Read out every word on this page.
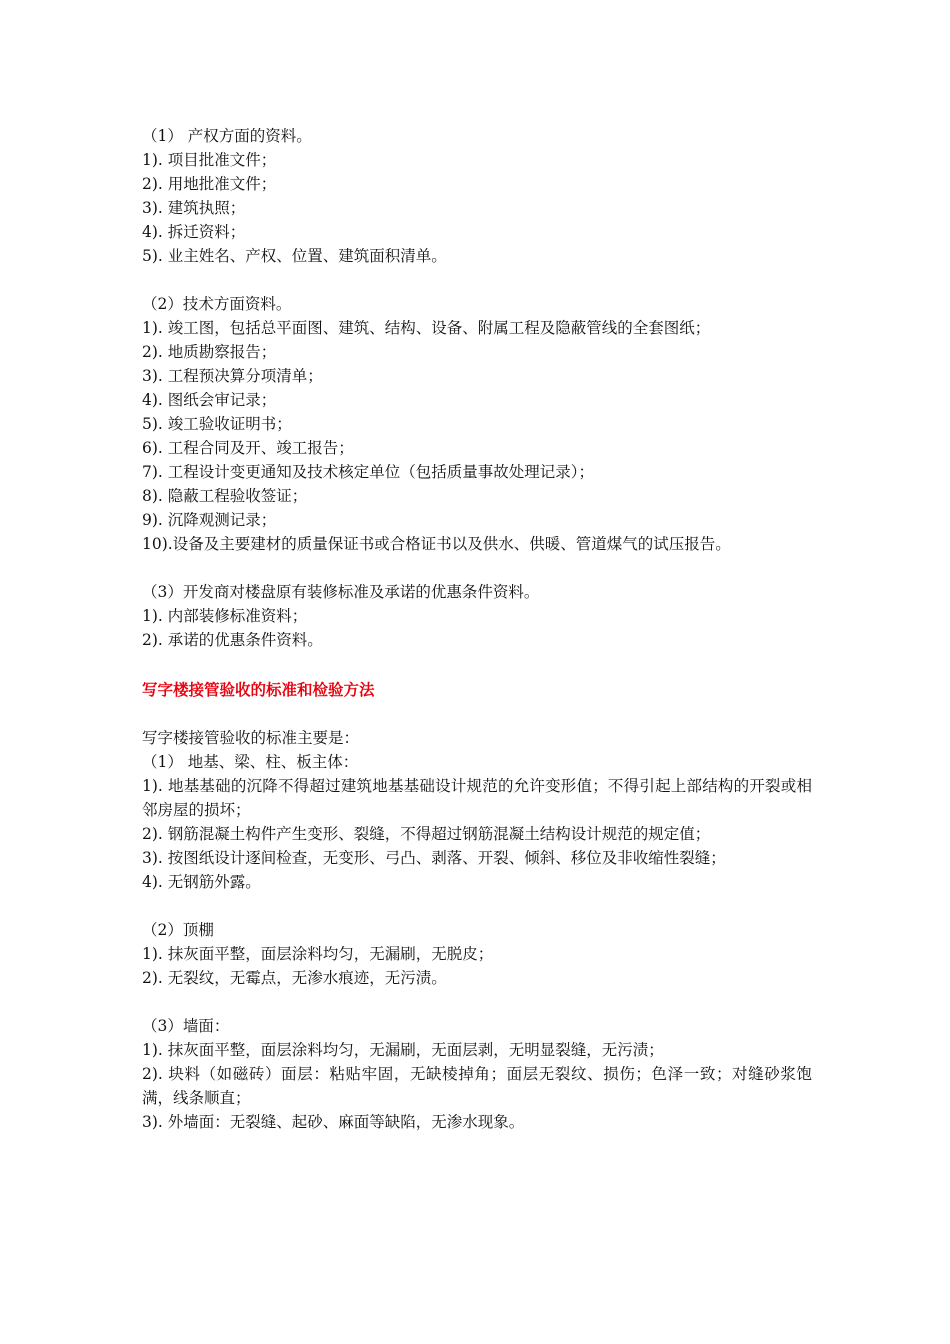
（1） 产权方面的资料。
1). 项目批准文件；
2). 用地批准文件；
3). 建筑执照；
4). 拆迁资料；
5). 业主姓名、产权、位置、建筑面积清单。
（2）技术方面资料。
1). 竣工图，包括总平面图、建筑、结构、设备、附属工程及隐蔽管线的全套图纸；
2). 地质勘察报告；
3). 工程预决算分项清单；
4). 图纸会审记录；
5). 竣工验收证明书；
6). 工程合同及开、竣工报告；
7). 工程设计变更通知及技术核定单位（包括质量事故处理记录）；
8). 隐蔽工程验收签证；
9). 沉降观测记录；
10).设备及主要建材的质量保证书或合格证书以及供水、供暖、管道煤气的试压报告。
（3）开发商对楼盘原有装修标准及承诺的优惠条件资料。
1). 内部装修标准资料；
2). 承诺的优惠条件资料。
写字楼接管验收的标准和检验方法
写字楼接管验收的标准主要是：
（1） 地基、梁、柱、板主体：
1). 地基基础的沉降不得超过建筑地基基础设计规范的允许变形值；不得引起上部结构的开裂或相邻房屋的损坏；
2). 钢筋混凝土构件产生变形、裂缝，不得超过钢筋混凝土结构设计规范的规定值；
3). 按图纸设计逐间检查，无变形、弓凸、剥落、开裂、倾斜、移位及非收缩性裂缝；
4). 无钢筋外露。
（2）顶棚
1). 抹灰面平整，面层涂料均匀，无漏刷，无脱皮；
2). 无裂纹，无霉点，无渗水痕迹，无污渍。
（3）墙面：
1). 抹灰面平整，面层涂料均匀，无漏刷，无面层剥，无明显裂缝，无污渍；
2). 块料（如磁砖）面层：粘贴牢固，无缺棱掉角；面层无裂纹、损伤；色泽一致；对缝砂浆饱满，线条顺直；
3). 外墙面：无裂缝、起砂、麻面等缺陷，无渗水现象。
